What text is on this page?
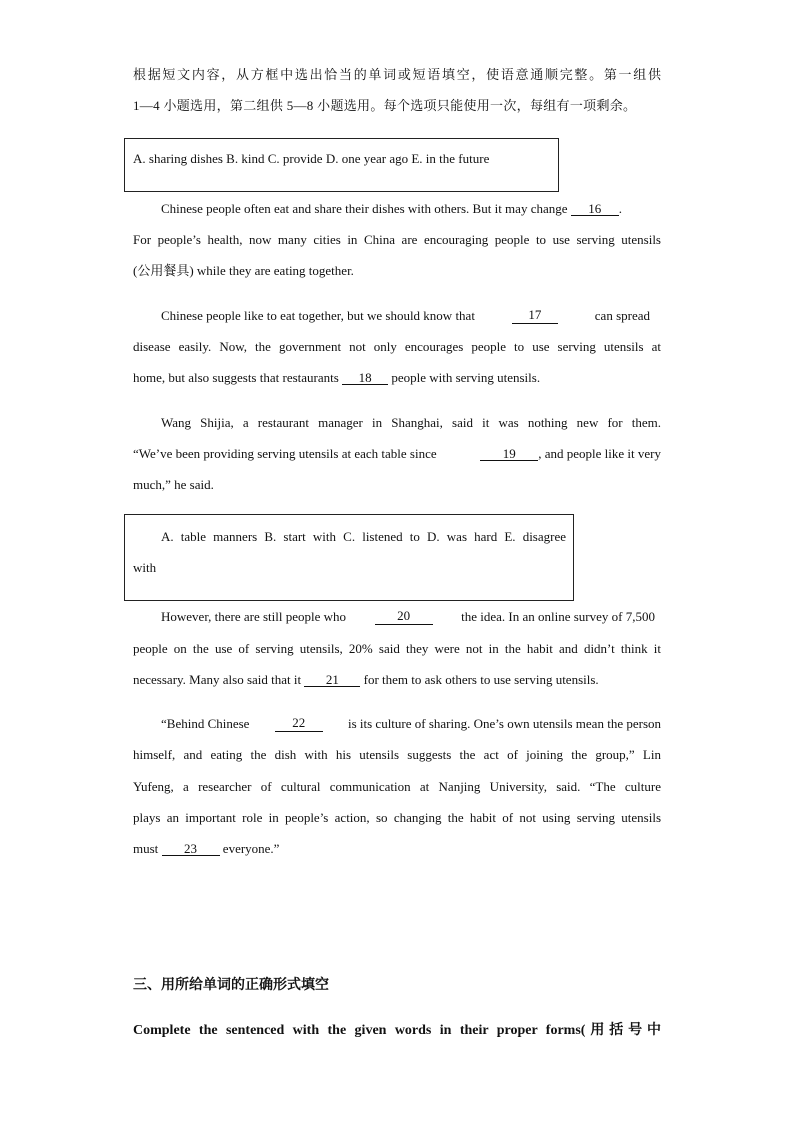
根据短文内容，从方框中选出恰当的单词或短语填空，使语意通顺完整。第一组供
1—4 小题选用，第二组供 5—8 小题选用。每个选项只能使用一次，每组有一项剩余。
A. sharing dishes B. kind C. provide D. one year ago E. in the future
Chinese people often eat and share their dishes with others. But it may change 16 .
For people’s health, now many cities in China are encouraging people to use serving utensils
(公用餐具) while they are eating together.
Chinese people like to eat together, but we should know that	17	can spread
disease easily. Now, the government not only encourages people to use serving utensils at
home, but also suggests that restaurants 18 people with serving utensils.
Wang Shijia, a restaurant manager in Shanghai, said it was nothing new for them.
“We’ve been providing serving utensils at each table since	19 , and people like it very
much,” he said.
A. table manners B. start with C. listened to D. was hard E. disagree
with
However, there are still people who	20	the idea. In an online survey of 7,500
people on the use of serving utensils, 20% said they were not in the habit and didn’t think it
necessary. Many also said that it 21 for them to ask others to use serving utensils.
“Behind Chinese	22	is its culture of sharing. One’s own utensils mean the person
himself, and eating the dish with his utensils suggests the act of joining the group,” Lin
Yufeng, a researcher of cultural communication at Nanjing University, said. “The culture
plays an important role in people’s action, so changing the habit of not using serving utensils
must 23 everyone.”
三、用所给单词的正确形式填空
Complete the sentenced with the given words in their proper forms(用括号中
